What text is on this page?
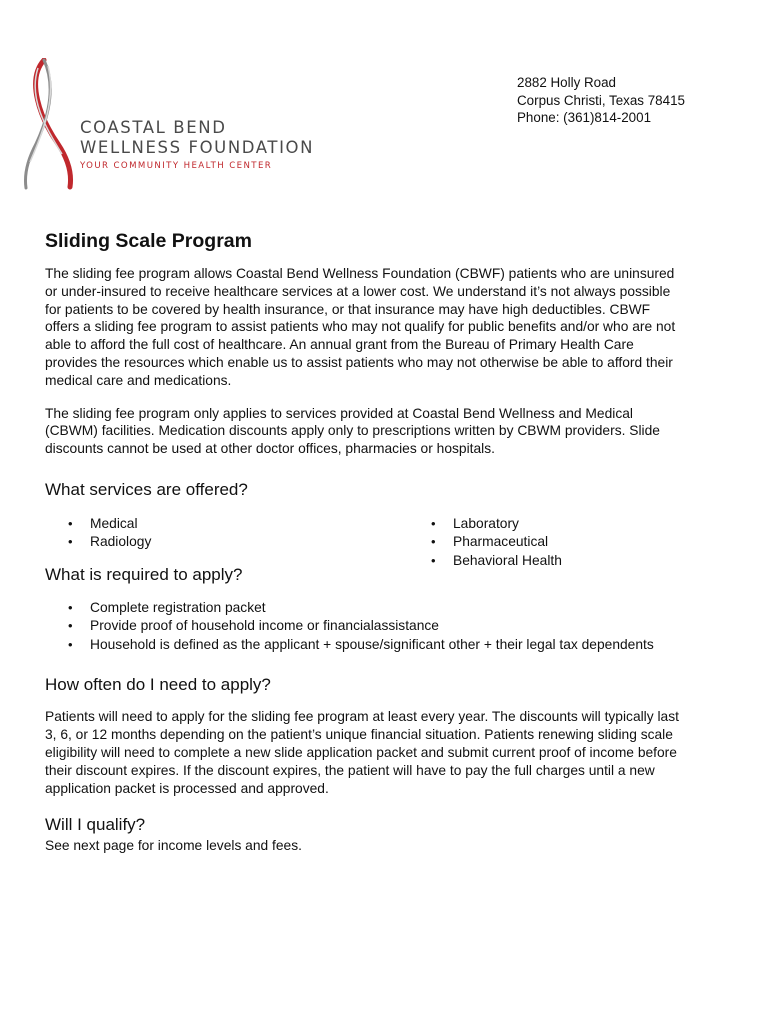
COASTAL BEND
WELLNESS FOUNDATION
YOUR COMMUNITY HEALTH CENTER
2882 Holly Road
Corpus Christi, Texas 78415
Phone: (361)814-2001
Sliding Scale Program

The sliding fee program allows Coastal Bend Wellness Foundation (CBWF) patients who are uninsured or under-insured to receive healthcare services at a lower cost. We understand it’s not always possible for patients to be covered by health insurance, or that insurance may have high deductibles. CBWF offers a sliding fee program to assist patients who may not qualify for public benefits and/or who are not able to afford the full cost of healthcare. An annual grant from the Bureau of Primary Health Care provides the resources which enable us to assist patients who may not otherwise be able to afford their medical care and medications.

The sliding fee program only applies to services provided at Coastal Bend Wellness and Medical (CBWM) facilities. Medication discounts apply only to prescriptions written by CBWM providers. Slide discounts cannot be used at other doctor offices, pharmacies or hospitals.

What services are offered?
• Medical
• Radiology
• Laboratory
• Pharmaceutical
• Behavioral Health
What is required to apply?
• Complete registration packet
• Provide proof of household income or financialassistance
• Household is defined as the applicant + spouse/significant other + their legal tax dependents
How often do I need to apply?

Patients will need to apply for the sliding fee program at least every year. The discounts will typically last 3, 6, or 12 months depending on the patient’s unique financial situation. Patients renewing sliding scale eligibility will need to complete a new slide application packet and submit current proof of income before their discount expires. If the discount expires, the patient will have to pay the full charges until a new application packet is processed and approved.

Will I qualify?

See next page for income levels and fees.
